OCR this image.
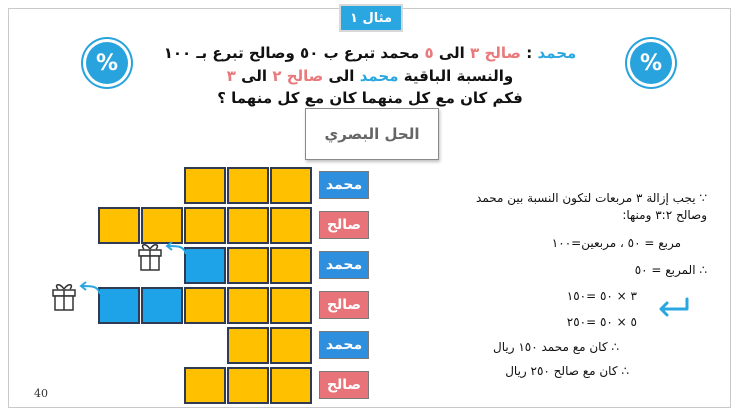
مثال ١
%	%
محمد : صالح ٣ الى ٥ محمد تبرع ب ٥٠ وصالح تبرع بـ ١٠٠
والنسبة الباقية محمد الى صالح ٢ الى ٣
فكم كان مع كل منهما كان مع كل منهما ؟
الحل البصري
محمد
صالح
محمد
صالح
محمد
صالح
∵ يجب إزالة ٣ مربعات لتكون النسبة بين محمد
وصالح ٣:٢ ومنها:
مربع = ٥٠ ، مربعين=١٠٠
∴ المربع = ٥٠
٣ × ٥٠ =١٥٠
٥ × ٥٠ =٢٥٠
∴ كان مع محمد ١٥٠ ريال
∴ كان مع صالح ٢٥٠ ريال
40
